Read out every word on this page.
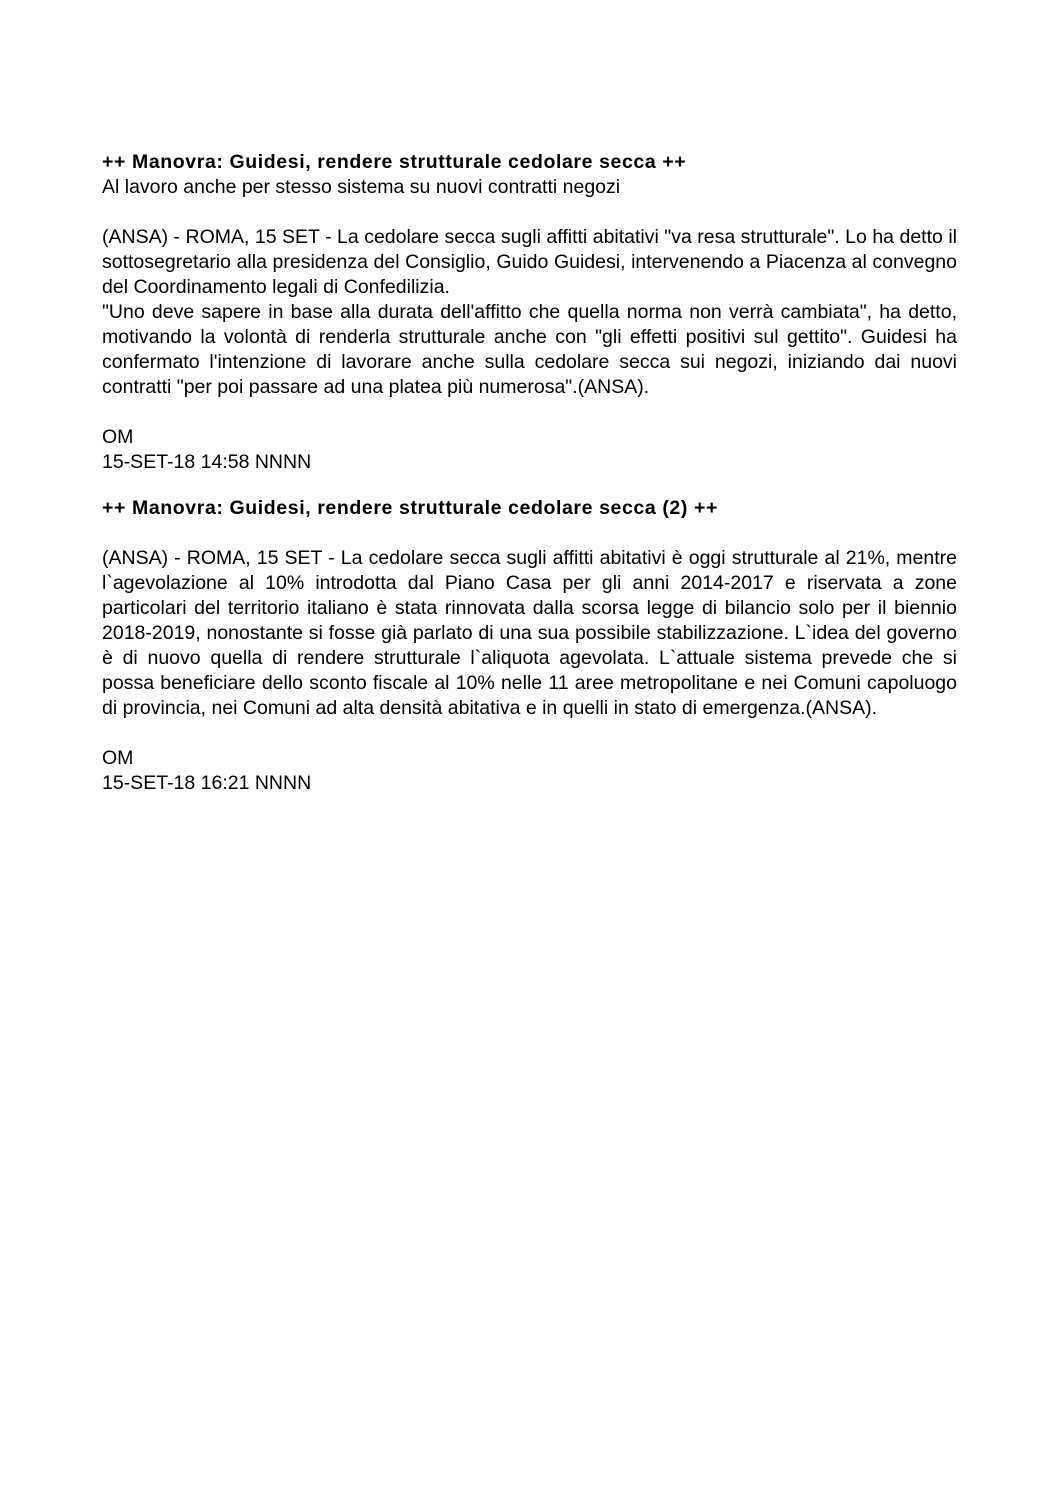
++ Manovra: Guidesi, rendere strutturale cedolare secca ++

Al lavoro anche per stesso sistema su nuovi contratti negozi

(ANSA) - ROMA, 15 SET - La cedolare secca sugli affitti abitativi "va resa strutturale". Lo ha detto il sottosegretario alla presidenza del Consiglio, Guido Guidesi, intervenendo a Piacenza al convegno del Coordinamento legali di Confedilizia.

"Uno deve sapere in base alla durata dell'affitto che quella norma non verrà cambiata", ha detto, motivando la volontà di renderla strutturale anche con "gli effetti positivi sul gettito". Guidesi ha confermato l'intenzione di lavorare anche sulla cedolare secca sui negozi, iniziando dai nuovi contratti "per poi passare ad una platea più numerosa".(ANSA).

OM

15-SET-18 14:58 NNNN

++ Manovra: Guidesi, rendere strutturale cedolare secca (2) ++

(ANSA) - ROMA, 15 SET - La cedolare secca sugli affitti abitativi è oggi strutturale al 21%, mentre l`agevolazione al 10% introdotta dal Piano Casa per gli anni 2014-2017 e riservata a zone particolari del territorio italiano è stata rinnovata dalla scorsa legge di bilancio solo per il biennio 2018-2019, nonostante si fosse già parlato di una sua possibile stabilizzazione. L`idea del governo è di nuovo quella di rendere strutturale l`aliquota agevolata. L`attuale sistema prevede che si possa beneficiare dello sconto fiscale al 10% nelle 11 aree metropolitane e nei Comuni capoluogo di provincia, nei Comuni ad alta densità abitativa e in quelli in stato di emergenza.(ANSA).

OM

15-SET-18 16:21 NNNN
